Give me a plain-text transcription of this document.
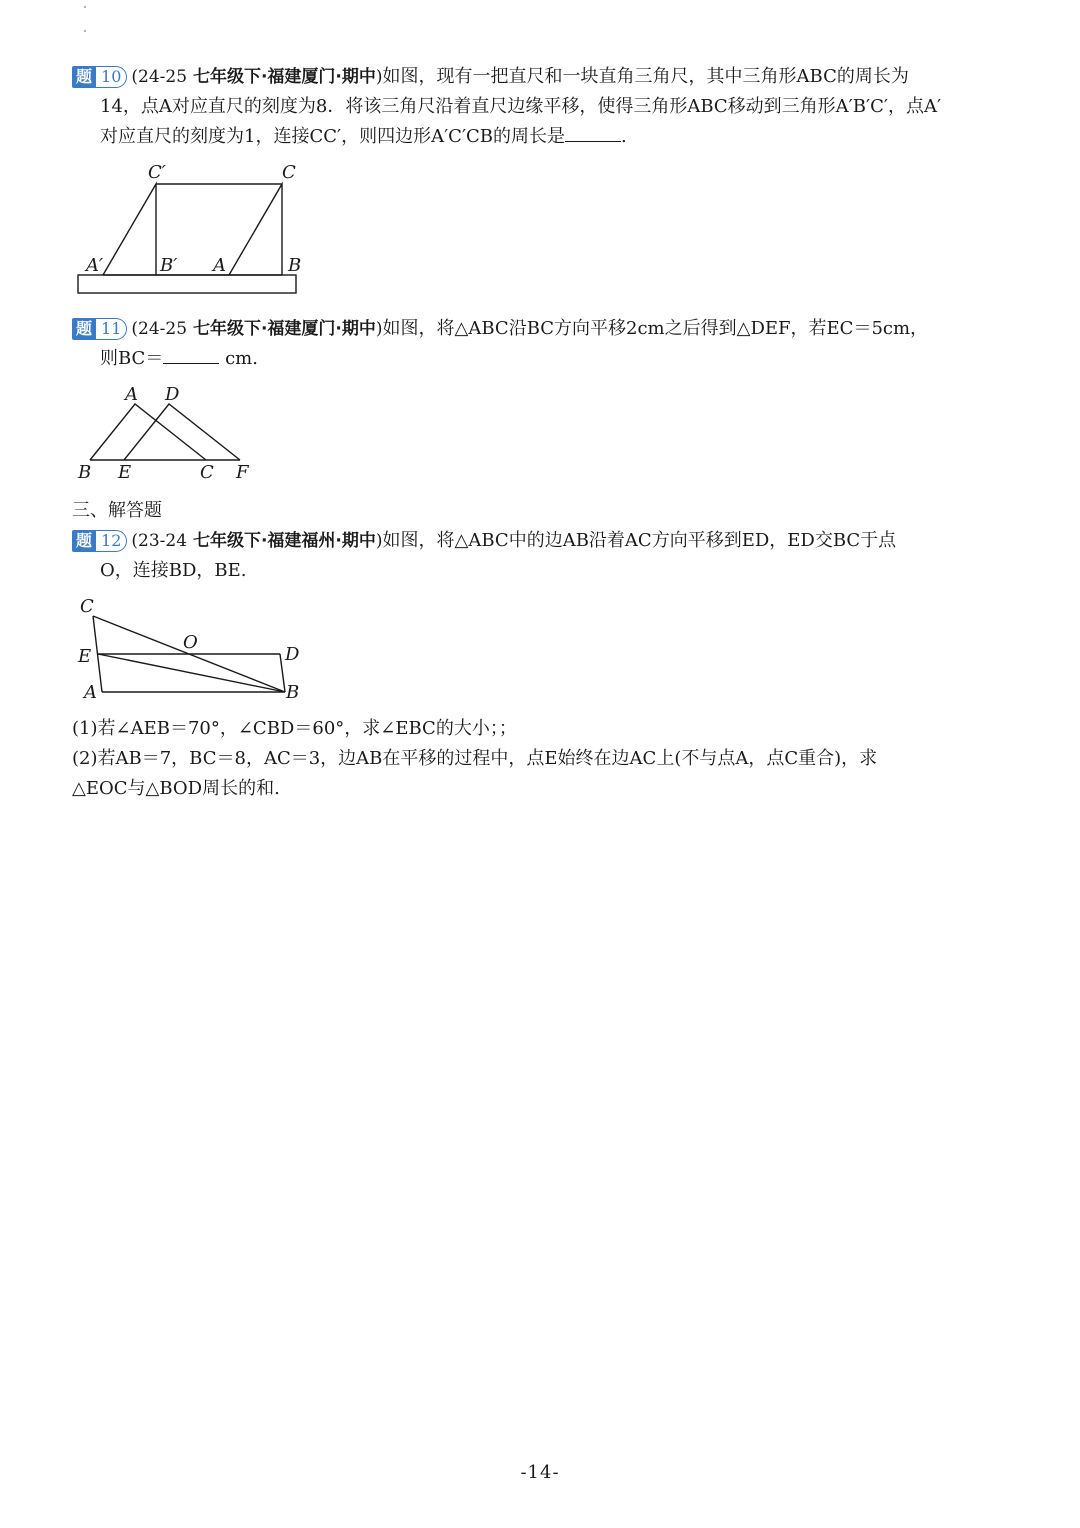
题 10 (24-25 七年级下·福建厦门·期中)如图，现有一把直尺和一块直角三角尺，其中三角形ABC的周长为
14，点A对应直尺的刻度为8．将该三角尺沿着直尺边缘平移，使得三角形ABC移动到三角形A′B′C′，点A′
对应直尺的刻度为1，连接CC′，则四边形A′C′CB的周长是	.
C′	C
A′	B′ A	B
题 11 (24-25 七年级下·福建厦门·期中)如图，将△ABC沿BC方向平移2cm之后得到△DEF，若EC＝5cm，
则BC＝	cm.
A D
B E	C F
三、解答题
题 12 (23-24 七年级下·福建福州·期中)如图，将△ABC中的边AB沿着AC方向平移到ED，ED交BC于点
O，连接BD，BE.
C
O
E	D
A	B
(1)若∠AEB＝70°，∠CBD＝60°，求∠EBC的大小；；
(2)若AB＝7，BC＝8，AC＝3，边AB在平移的过程中，点E始终在边AC上(不与点A，点C重合)，求
△EOC与△BOD周长的和.
-14-
